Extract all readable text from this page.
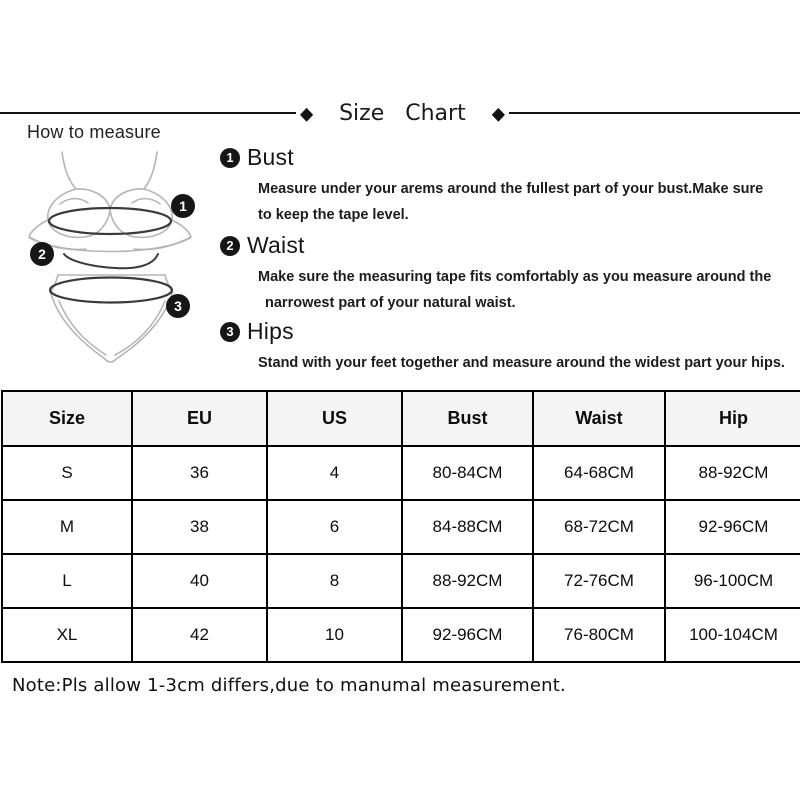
◆	Size Chart	◆
How to measure
1
2
3
1 Bust
Measure under your arems around the fullest part of your bust.Make sure
to keep the tape level.
2 Waist
Make sure the measuring tape fits comfortably as you measure around the
narrowest part of your natural waist.
3 Hips
Stand with your feet together and measure around the widest part your hips.
Size	EU	US	Bust	Waist	Hip
S	36	4	80-84CM	64-68CM	88-92CM
M	38	6	84-88CM	68-72CM	92-96CM
L	40	8	88-92CM	72-76CM	96-100CM
XL	42	10	92-96CM	76-80CM	100-104CM
Note:Pls allow 1-3cm differs,due to manumal measurement.
